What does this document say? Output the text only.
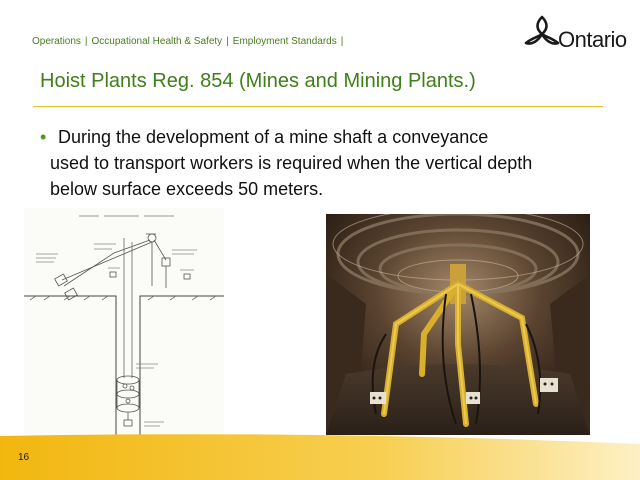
Operations | Occupational Health & Safety | Employment Standards |	Ontario
Hoist Plants Reg. 854 (Mines and Mining Plants.)
• During the development of a mine shaft a conveyance
used to transport workers is required when the vertical depth
below surface exceeds 50 meters.
16
